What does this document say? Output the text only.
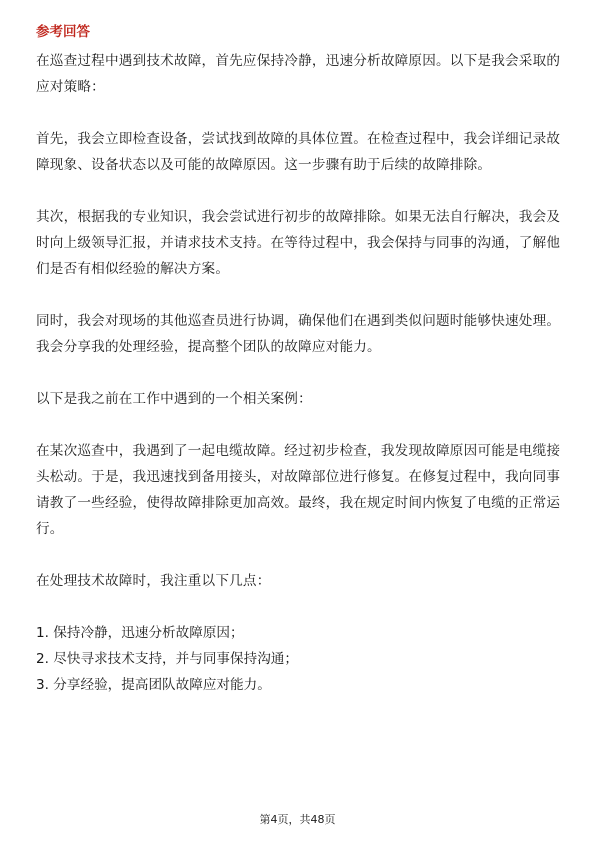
参考回答

在巡查过程中遇到技术故障，首先应保持冷静，迅速分析故障原因。以下是我会采取的应对策略：

首先，我会立即检查设备，尝试找到故障的具体位置。在检查过程中，我会详细记录故障现象、设备状态以及可能的故障原因。这一步骤有助于后续的故障排除。

其次，根据我的专业知识，我会尝试进行初步的故障排除。如果无法自行解决，我会及时向上级领导汇报，并请求技术支持。在等待过程中，我会保持与同事的沟通，了解他们是否有相似经验的解决方案。

同时，我会对现场的其他巡查员进行协调，确保他们在遇到类似问题时能够快速处理。我会分享我的处理经验，提高整个团队的故障应对能力。

以下是我之前在工作中遇到的一个相关案例：

在某次巡查中，我遇到了一起电缆故障。经过初步检查，我发现故障原因可能是电缆接头松动。于是，我迅速找到备用接头，对故障部位进行修复。在修复过程中，我向同事请教了一些经验，使得故障排除更加高效。最终，我在规定时间内恢复了电缆的正常运行。

在处理技术故障时，我注重以下几点：

1. 保持冷静，迅速分析故障原因；

2. 尽快寻求技术支持，并与同事保持沟通；

3. 分享经验，提高团队故障应对能力。

第4页，共48页
